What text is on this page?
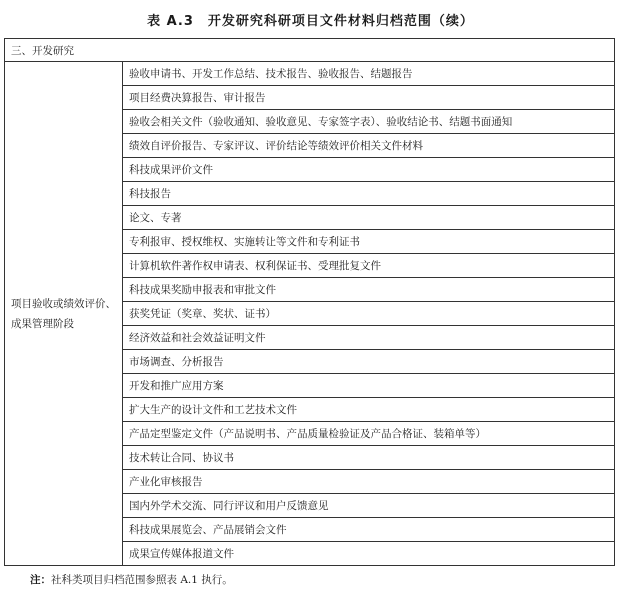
表 A.3　开发研究科研项目文件材料归档范围（续）
三、开发研究
项目验收或绩效评价、成果管理阶段	验收申请书、开发工作总结、技术报告、验收报告、结题报告
项目经费决算报告、审计报告
验收会相关文件（验收通知、验收意见、专家签字表）、验收结论书、结题书面通知
绩效自评价报告、专家评议、评价结论等绩效评价相关文件材料
科技成果评价文件
科技报告
论文、专著
专利报审、授权维权、实施转让等文件和专利证书
计算机软件著作权申请表、权利保证书、受理批复文件
科技成果奖励申报表和审批文件
获奖凭证（奖章、奖状、证书）
经济效益和社会效益证明文件
市场调查、分析报告
开发和推广应用方案
扩大生产的设计文件和工艺技术文件
产品定型鉴定文件（产品说明书、产品质量检验证及产品合格证、装箱单等）
技术转让合同、协议书
产业化审核报告
国内外学术交流、同行评议和用户反馈意见
科技成果展览会、产品展销会文件
成果宣传媒体报道文件
注：社科类项目归档范围参照表 A.1 执行。
